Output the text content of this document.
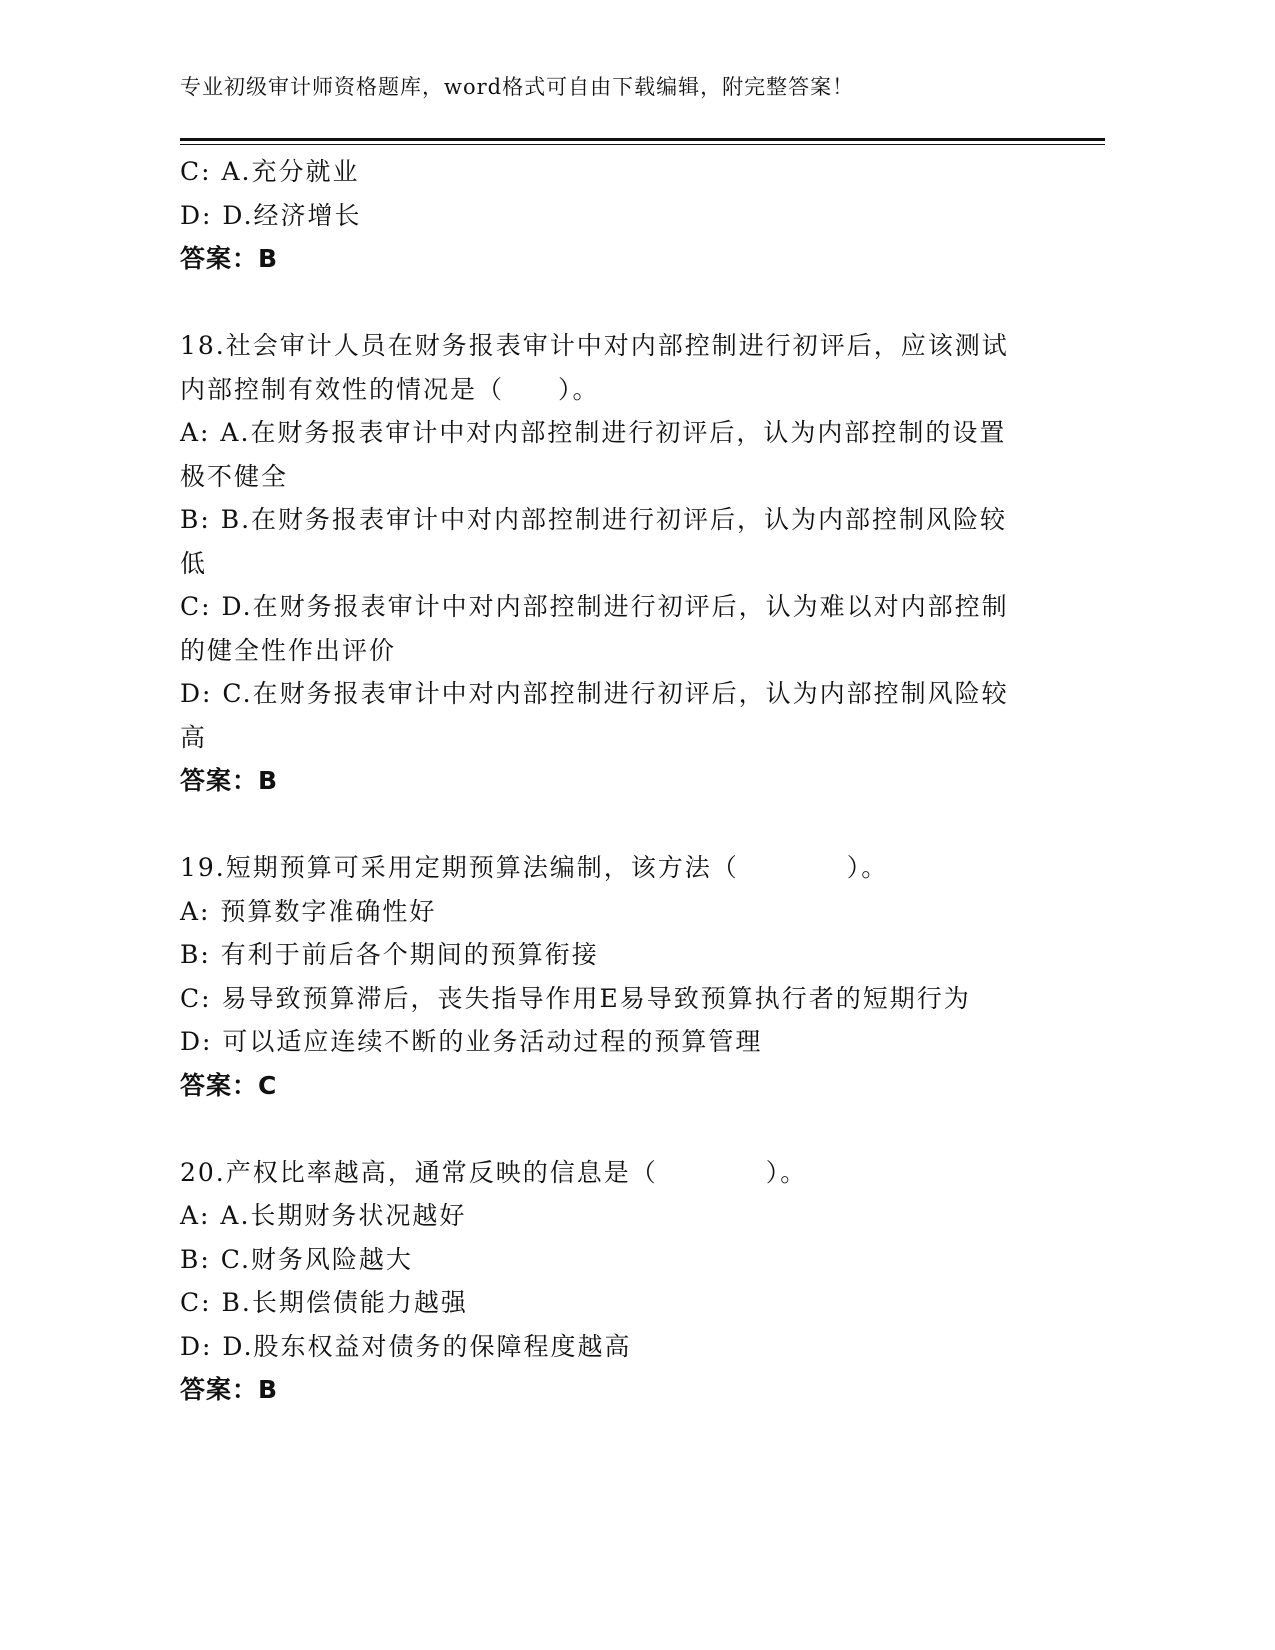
专业初级审计师资格题库，word格式可自由下载编辑，附完整答案！
C: A.充分就业
D: D.经济增长
答案：B
18.社会审计人员在财务报表审计中对内部控制进行初评后，应该测试
内部控制有效性的情况是（　　）。
A: A.在财务报表审计中对内部控制进行初评后，认为内部控制的设置
极不健全
B: B.在财务报表审计中对内部控制进行初评后，认为内部控制风险较
低
C: D.在财务报表审计中对内部控制进行初评后，认为难以对内部控制
的健全性作出评价
D: C.在财务报表审计中对内部控制进行初评后，认为内部控制风险较
高
答案：B
19.短期预算可采用定期预算法编制，该方法（　　　　）。
A: 预算数字准确性好
B: 有利于前后各个期间的预算衔接
C: 易导致预算滞后，丧失指导作用E易导致预算执行者的短期行为
D: 可以适应连续不断的业务活动过程的预算管理
答案：C
20.产权比率越高，通常反映的信息是（　　　　）。
A: A.长期财务状况越好
B: C.财务风险越大
C: B.长期偿债能力越强
D: D.股东权益对债务的保障程度越高
答案：B
